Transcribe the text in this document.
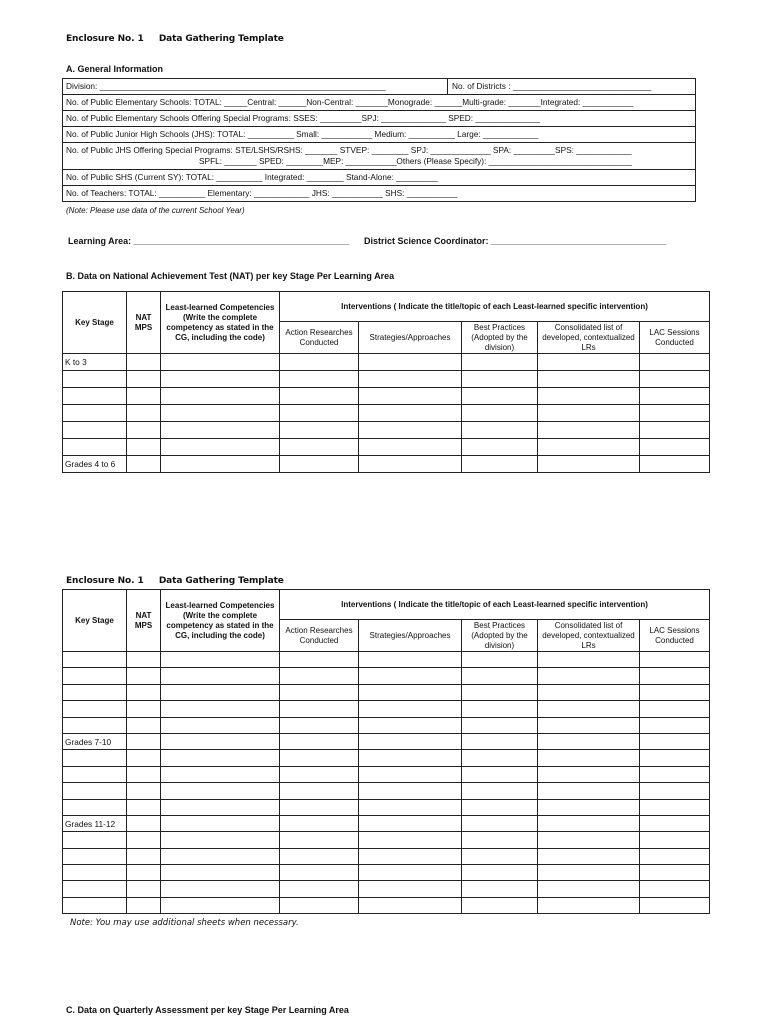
Enclosure No. 1 Data Gathering Template
A. General Information
Division: ______________________________________________________________	No. of Districts : ______________________________
No. of Public Elementary Schools: TOTAL: _____Central: ______Non-Central: _______Monograde: ______Multi-grade: _______Integrated: ___________
No. of Public Elementary Schools Offering Special Programs: SSES: _________SPJ: ______________ SPED: ______________
No. of Public Junior High Schools (JHS): TOTAL: __________ Small: ___________ Medium: __________ Large: ____________
No. of Public JHS Offering Special Programs: STE/LSHS/RSHS: _______ STVEP: ________ SPJ: _____________ SPA: _________SPS: ____________
SPFL: _______ SPED: ________MEP: ___________Others (Please Specify): _______________________________
No. of Public SHS (Current SY): TOTAL: __________ Integrated: ________ Stand-Alone: _________
No. of Teachers: TOTAL: __________ Elementary: ____________ JHS: ___________ SHS: ___________
(Note: Please use data of the current School Year)
Learning Area: ___________________________________________ District Science Coordinator: ___________________________________
B. Data on National Achievement Test (NAT) per key Stage Per Learning Area
Key Stage	NAT MPS	Least-learned Competencies (Write the complete competency as stated in the CG, including the code)	Interventions ( Indicate the title/topic of each Least-learned specific intervention)				
			Action Researches Conducted	Strategies/Approaches	Best Practices (Adopted by the division)	Consolidated list of developed, contextualized LRs	LAC Sessions Conducted
K to 3							

Grades 4 to 6							
Enclosure No. 1 Data Gathering Template
Key Stage	NAT MPS	Least-learned Competencies (Write the complete competency as stated in the CG, including the code)	Interventions ( Indicate the title/topic of each Least-learned specific intervention)				
			Action Researches Conducted	Strategies/Approaches	Best Practices (Adopted by the division)	Consolidated list of developed, contextualized LRs	LAC Sessions Conducted

Grades 7-10							

Grades 11-12							

Note: You may use additional sheets when necessary.
C. Data on Quarterly Assessment per key Stage Per Learning Area
